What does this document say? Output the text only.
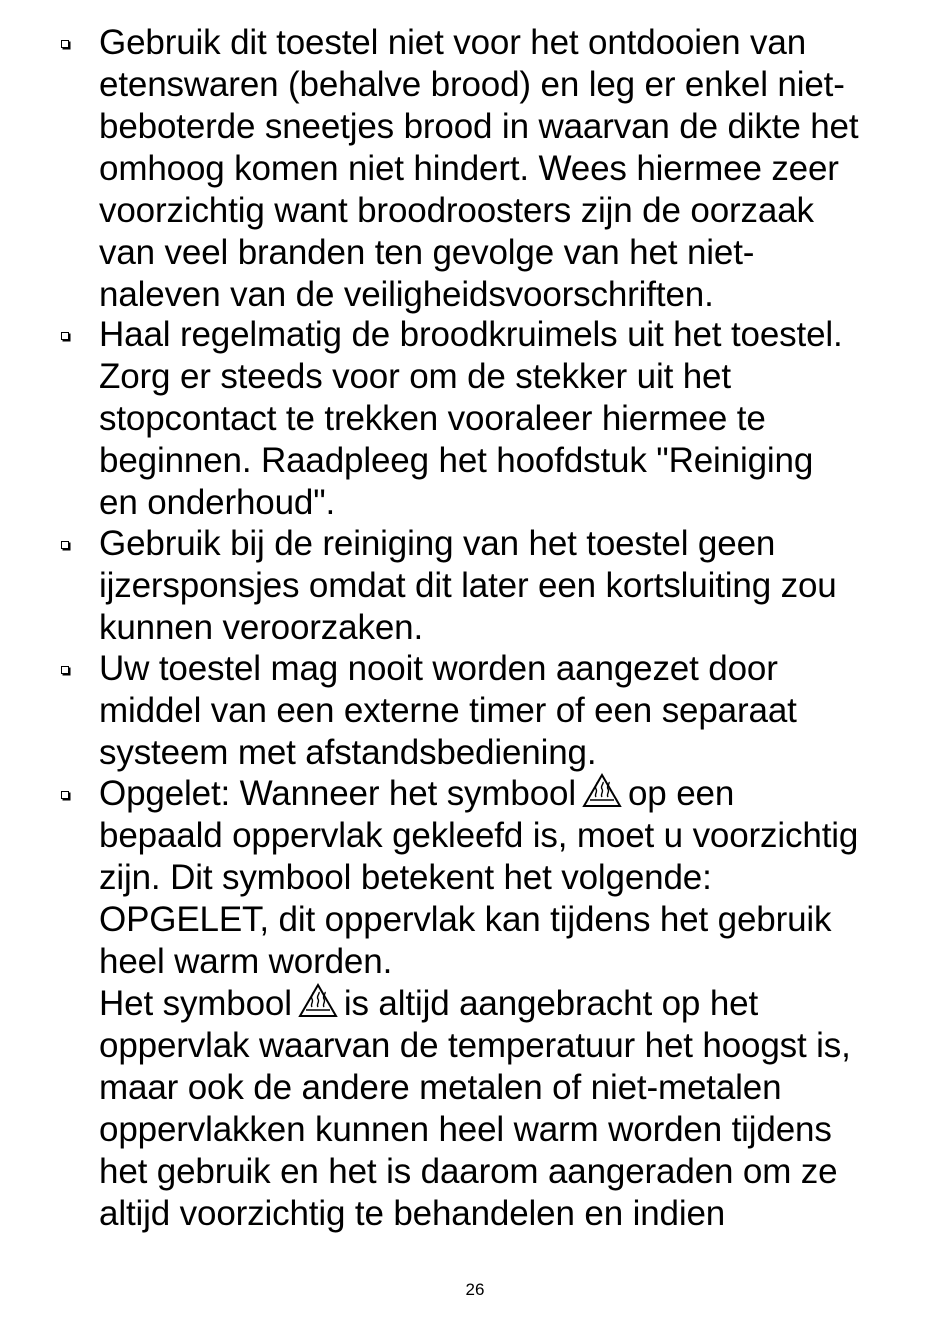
Gebruik dit toestel niet voor het ontdooien van
etenswaren (behalve brood) en leg er enkel niet-
beboterde sneetjes brood in waarvan de dikte het
omhoog komen niet hindert. Wees hiermee zeer
voorzichtig want broodroosters zijn de oorzaak
van veel branden ten gevolge van het niet-
naleven van de veiligheidsvoorschriften.
Haal regelmatig de broodkruimels uit het toestel.
Zorg er steeds voor om de stekker uit het
stopcontact te trekken vooraleer hiermee te
beginnen. Raadpleeg het hoofdstuk "Reiniging
en onderhoud".
Gebruik bij de reiniging van het toestel geen
ijzersponsjes omdat dit later een kortsluiting zou
kunnen veroorzaken.
Uw toestel mag nooit worden aangezet door
middel van een externe timer of een separaat
systeem met afstandsbediening.
Opgelet: Wanneer het symbool op een
bepaald oppervlak gekleefd is, moet u voorzichtig
zijn. Dit symbool betekent het volgende:
OPGELET, dit oppervlak kan tijdens het gebruik
heel warm worden.
Het symbool is altijd aangebracht op het
oppervlak waarvan de temperatuur het hoogst is,
maar ook de andere metalen of niet-metalen
oppervlakken kunnen heel warm worden tijdens
het gebruik en het is daarom aangeraden om ze
altijd voorzichtig te behandelen en indien
26
